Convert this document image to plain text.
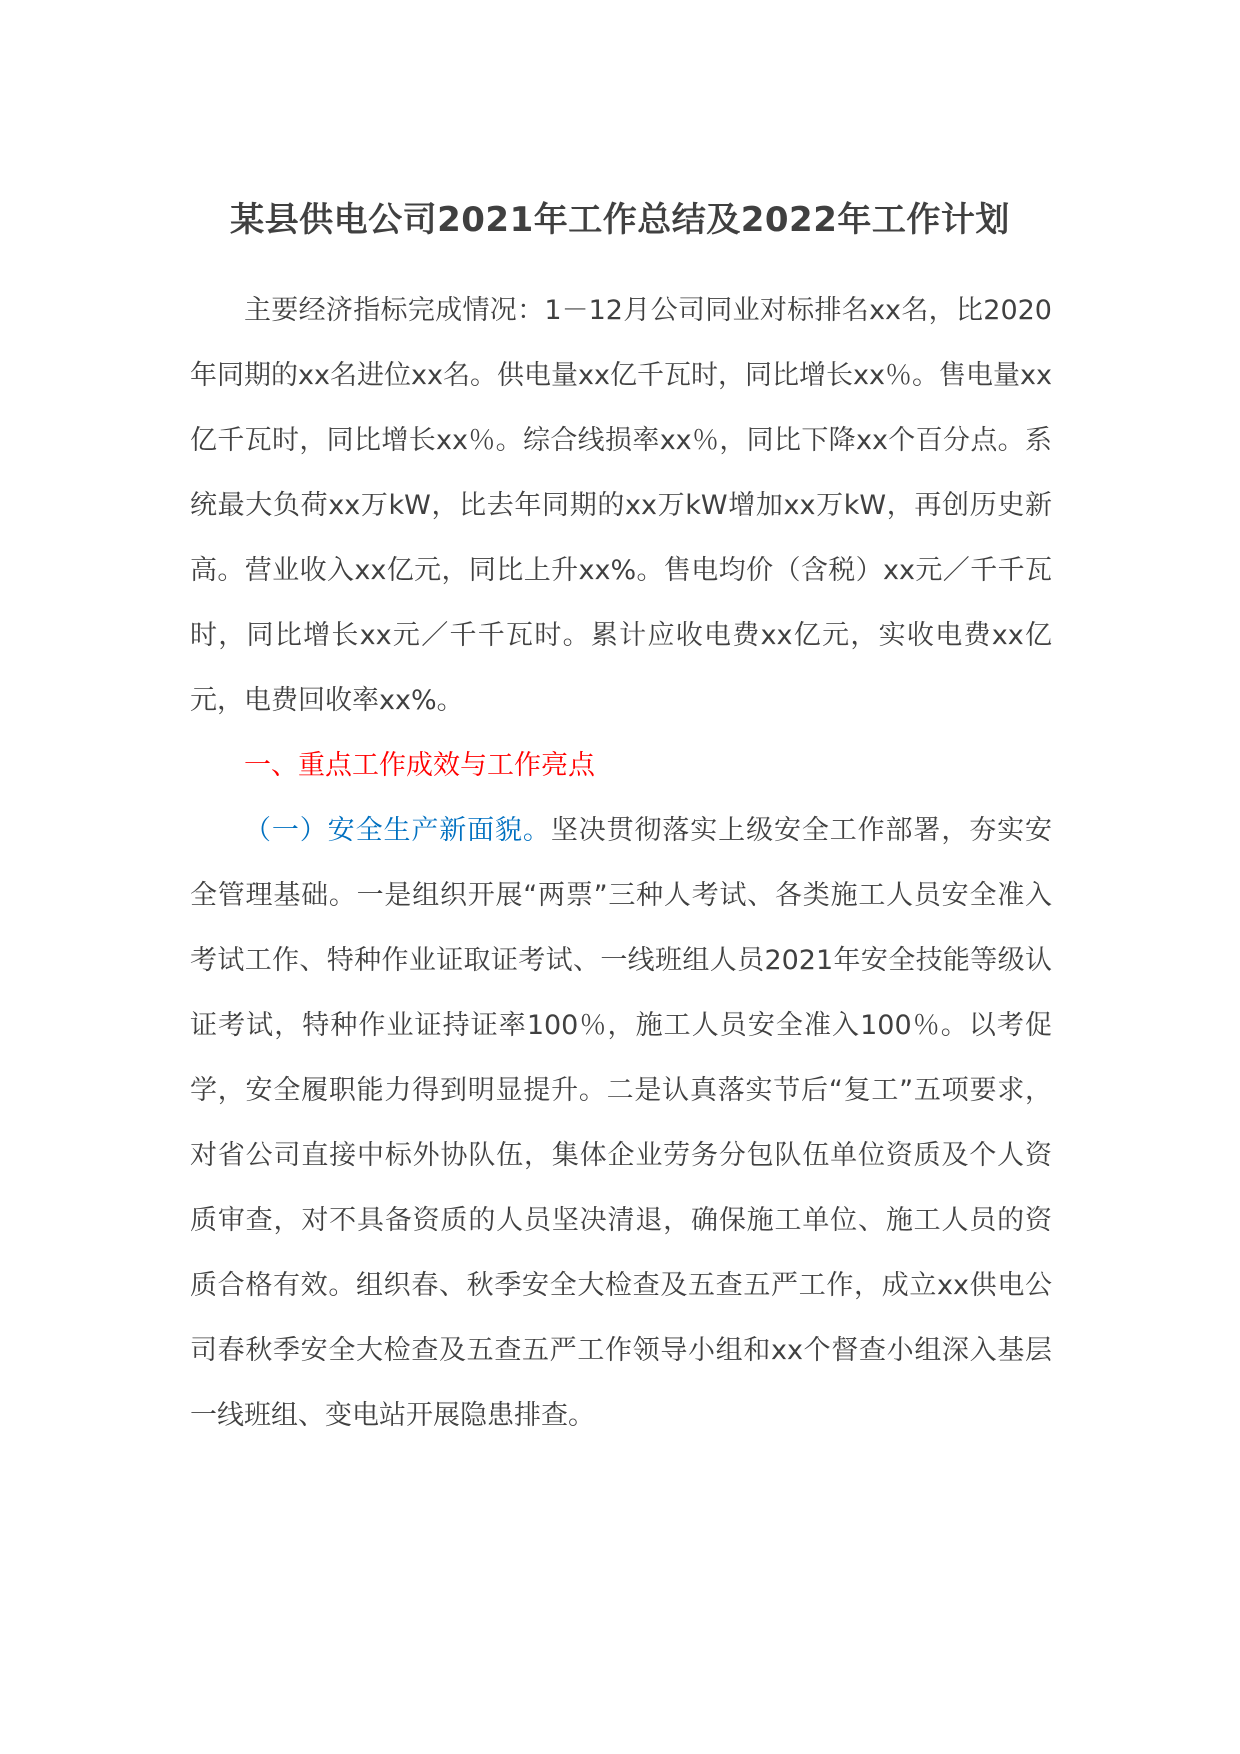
某县供电公司2021年工作总结及2022年工作计划

主要经济指标完成情况：1－12月公司同业对标排名xx名，比2020年同期的xx名进位xx名。供电量xx亿千瓦时，同比增长xx％。售电量xx亿千瓦时，同比增长xx％。综合线损率xx％，同比下降xx个百分点。系统最大负荷xx万kW，比去年同期的xx万kW增加xx万kW，再创历史新高。营业收入xx亿元，同比上升xx%。售电均价（含税）xx元／千千瓦时，同比增长xx元／千千瓦时。累计应收电费xx亿元，实收电费xx亿元，电费回收率xx%。

一、重点工作成效与工作亮点

（一）安全生产新面貌。坚决贯彻落实上级安全工作部署，夯实安全管理基础。一是组织开展“两票”三种人考试、各类施工人员安全准入考试工作、特种作业证取证考试、一线班组人员2021年安全技能等级认证考试，特种作业证持证率100％，施工人员安全准入100％。以考促学，安全履职能力得到明显提升。二是认真落实节后“复工”五项要求，对省公司直接中标外协队伍，集体企业劳务分包队伍单位资质及个人资质审查，对不具备资质的人员坚决清退，确保施工单位、施工人员的资质合格有效。组织春、秋季安全大检查及五查五严工作，成立xx供电公司春秋季安全大检查及五查五严工作领导小组和xx个督查小组深入基层一线班组、变电站开展隐患排查。
